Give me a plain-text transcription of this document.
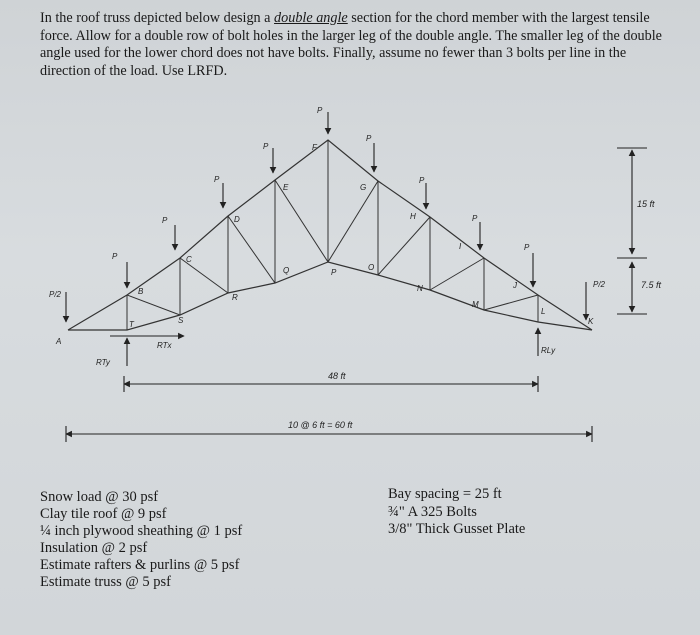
In the roof truss depicted below design a double angle section for the chord member with the largest tensile force. Allow for a double row of bolt holes in the larger leg of the double angle. The smaller leg of the double angle used for the lower chord does not have bolts. Finally, assume no fewer than 3 bolts per line in the direction of the load. Use LRFD.
P/2
P
P
P
P
P
P
P
P
P
P/2
A
B
C
D
E
F
G
H
I
J
K
L
M
N
O
P
Q
R
S
T
RTy
RTx
RLy
48 ft
10 @ 6 ft = 60 ft
15 ft
7.5 ft
Snow load @ 30 psf
Clay tile roof @ 9 psf
¼ inch plywood sheathing @ 1 psf
Insulation @ 2 psf
Estimate rafters & purlins @ 5 psf
Estimate truss @ 5 psf
Bay spacing = 25 ft
¾" A 325 Bolts
3/8" Thick Gusset Plate
